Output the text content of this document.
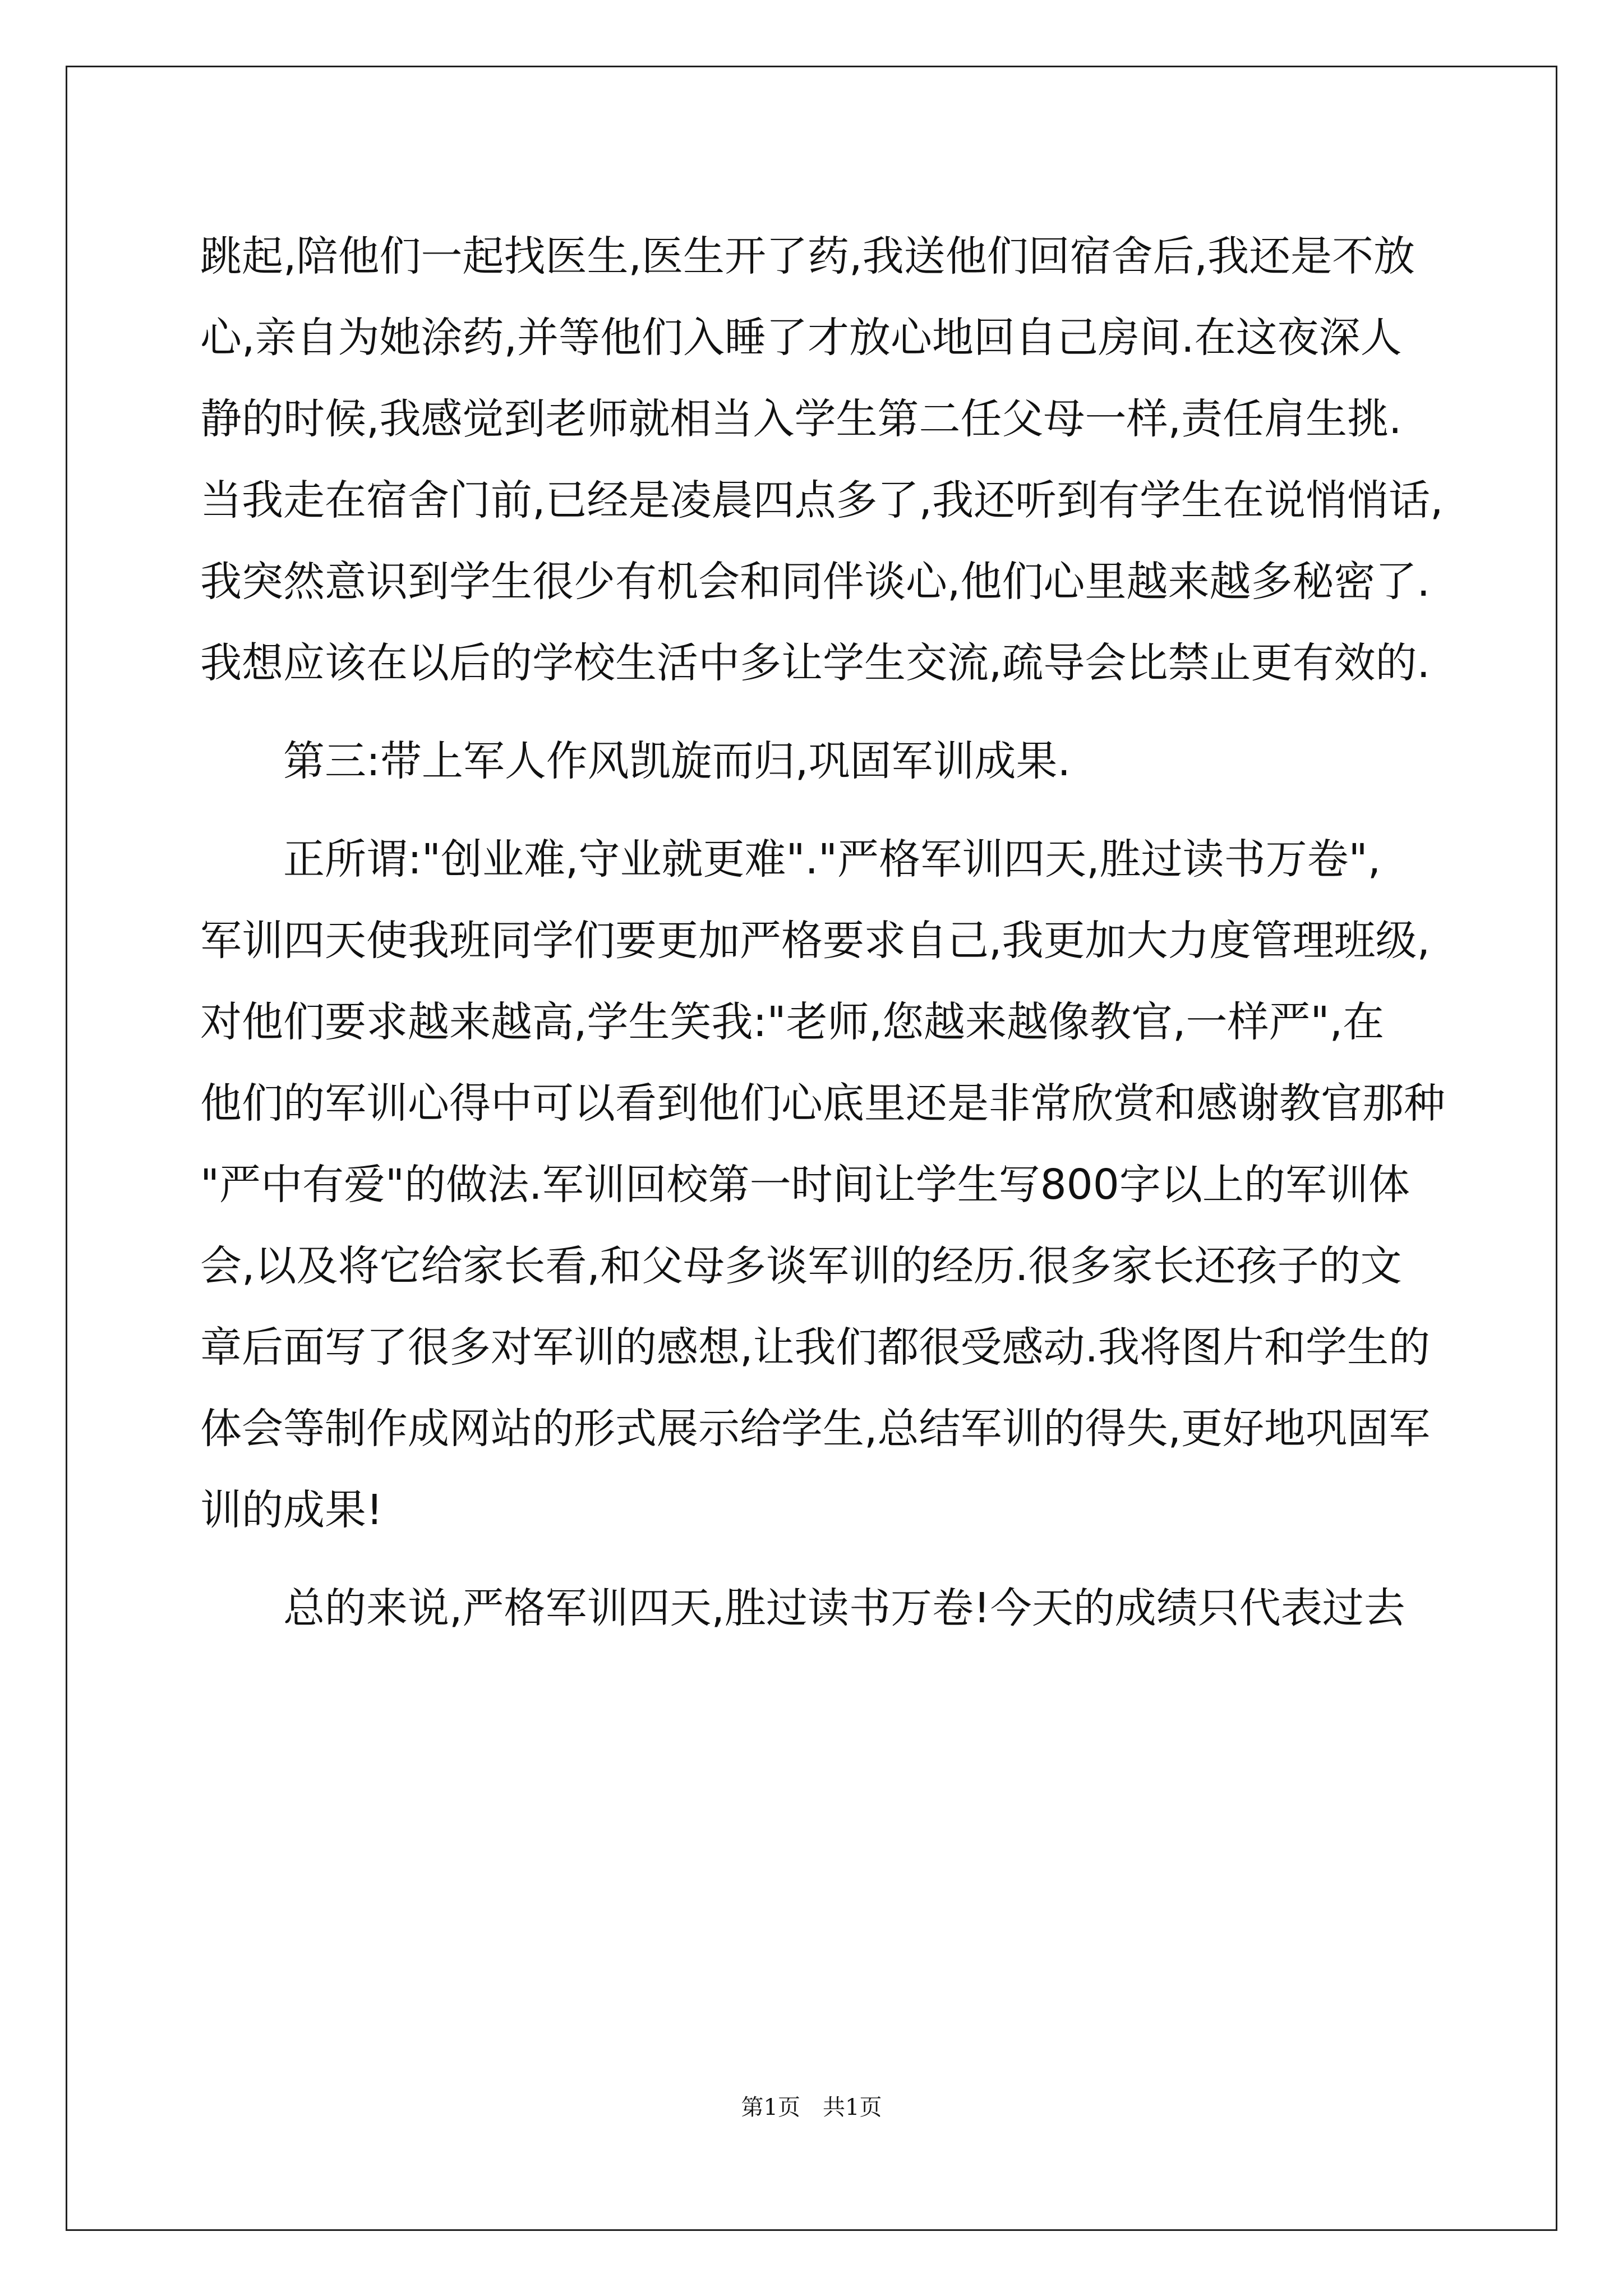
跳起,陪他们一起找医生,医生开了药,我送他们回宿舍后,我还是不放
心,亲自为她涂药,并等他们入睡了才放心地回自己房间.在这夜深人
静的时候,我感觉到老师就相当入学生第二任父母一样,责任肩生挑.
当我走在宿舍门前,已经是凌晨四点多了,我还听到有学生在说悄悄话,
我突然意识到学生很少有机会和同伴谈心,他们心里越来越多秘密了.
我想应该在以后的学校生活中多让学生交流,疏导会比禁止更有效的.
　　第三:带上军人作风凯旋而归,巩固军训成果.
　　正所谓:"创业难,守业就更难"."严格军训四天,胜过读书万卷",
军训四天使我班同学们要更加严格要求自己,我更加大力度管理班级,
对他们要求越来越高,学生笑我:"老师,您越来越像教官,一样严",在
他们的军训心得中可以看到他们心底里还是非常欣赏和感谢教官那种
"严中有爱"的做法.军训回校第一时间让学生写800字以上的军训体
会,以及将它给家长看,和父母多谈军训的经历.很多家长还孩子的文
章后面写了很多对军训的感想,让我们都很受感动.我将图片和学生的
体会等制作成网站的形式展示给学生,总结军训的得失,更好地巩固军
训的成果!
　　总的来说,严格军训四天,胜过读书万卷!今天的成绩只代表过去
第1页　共1页
